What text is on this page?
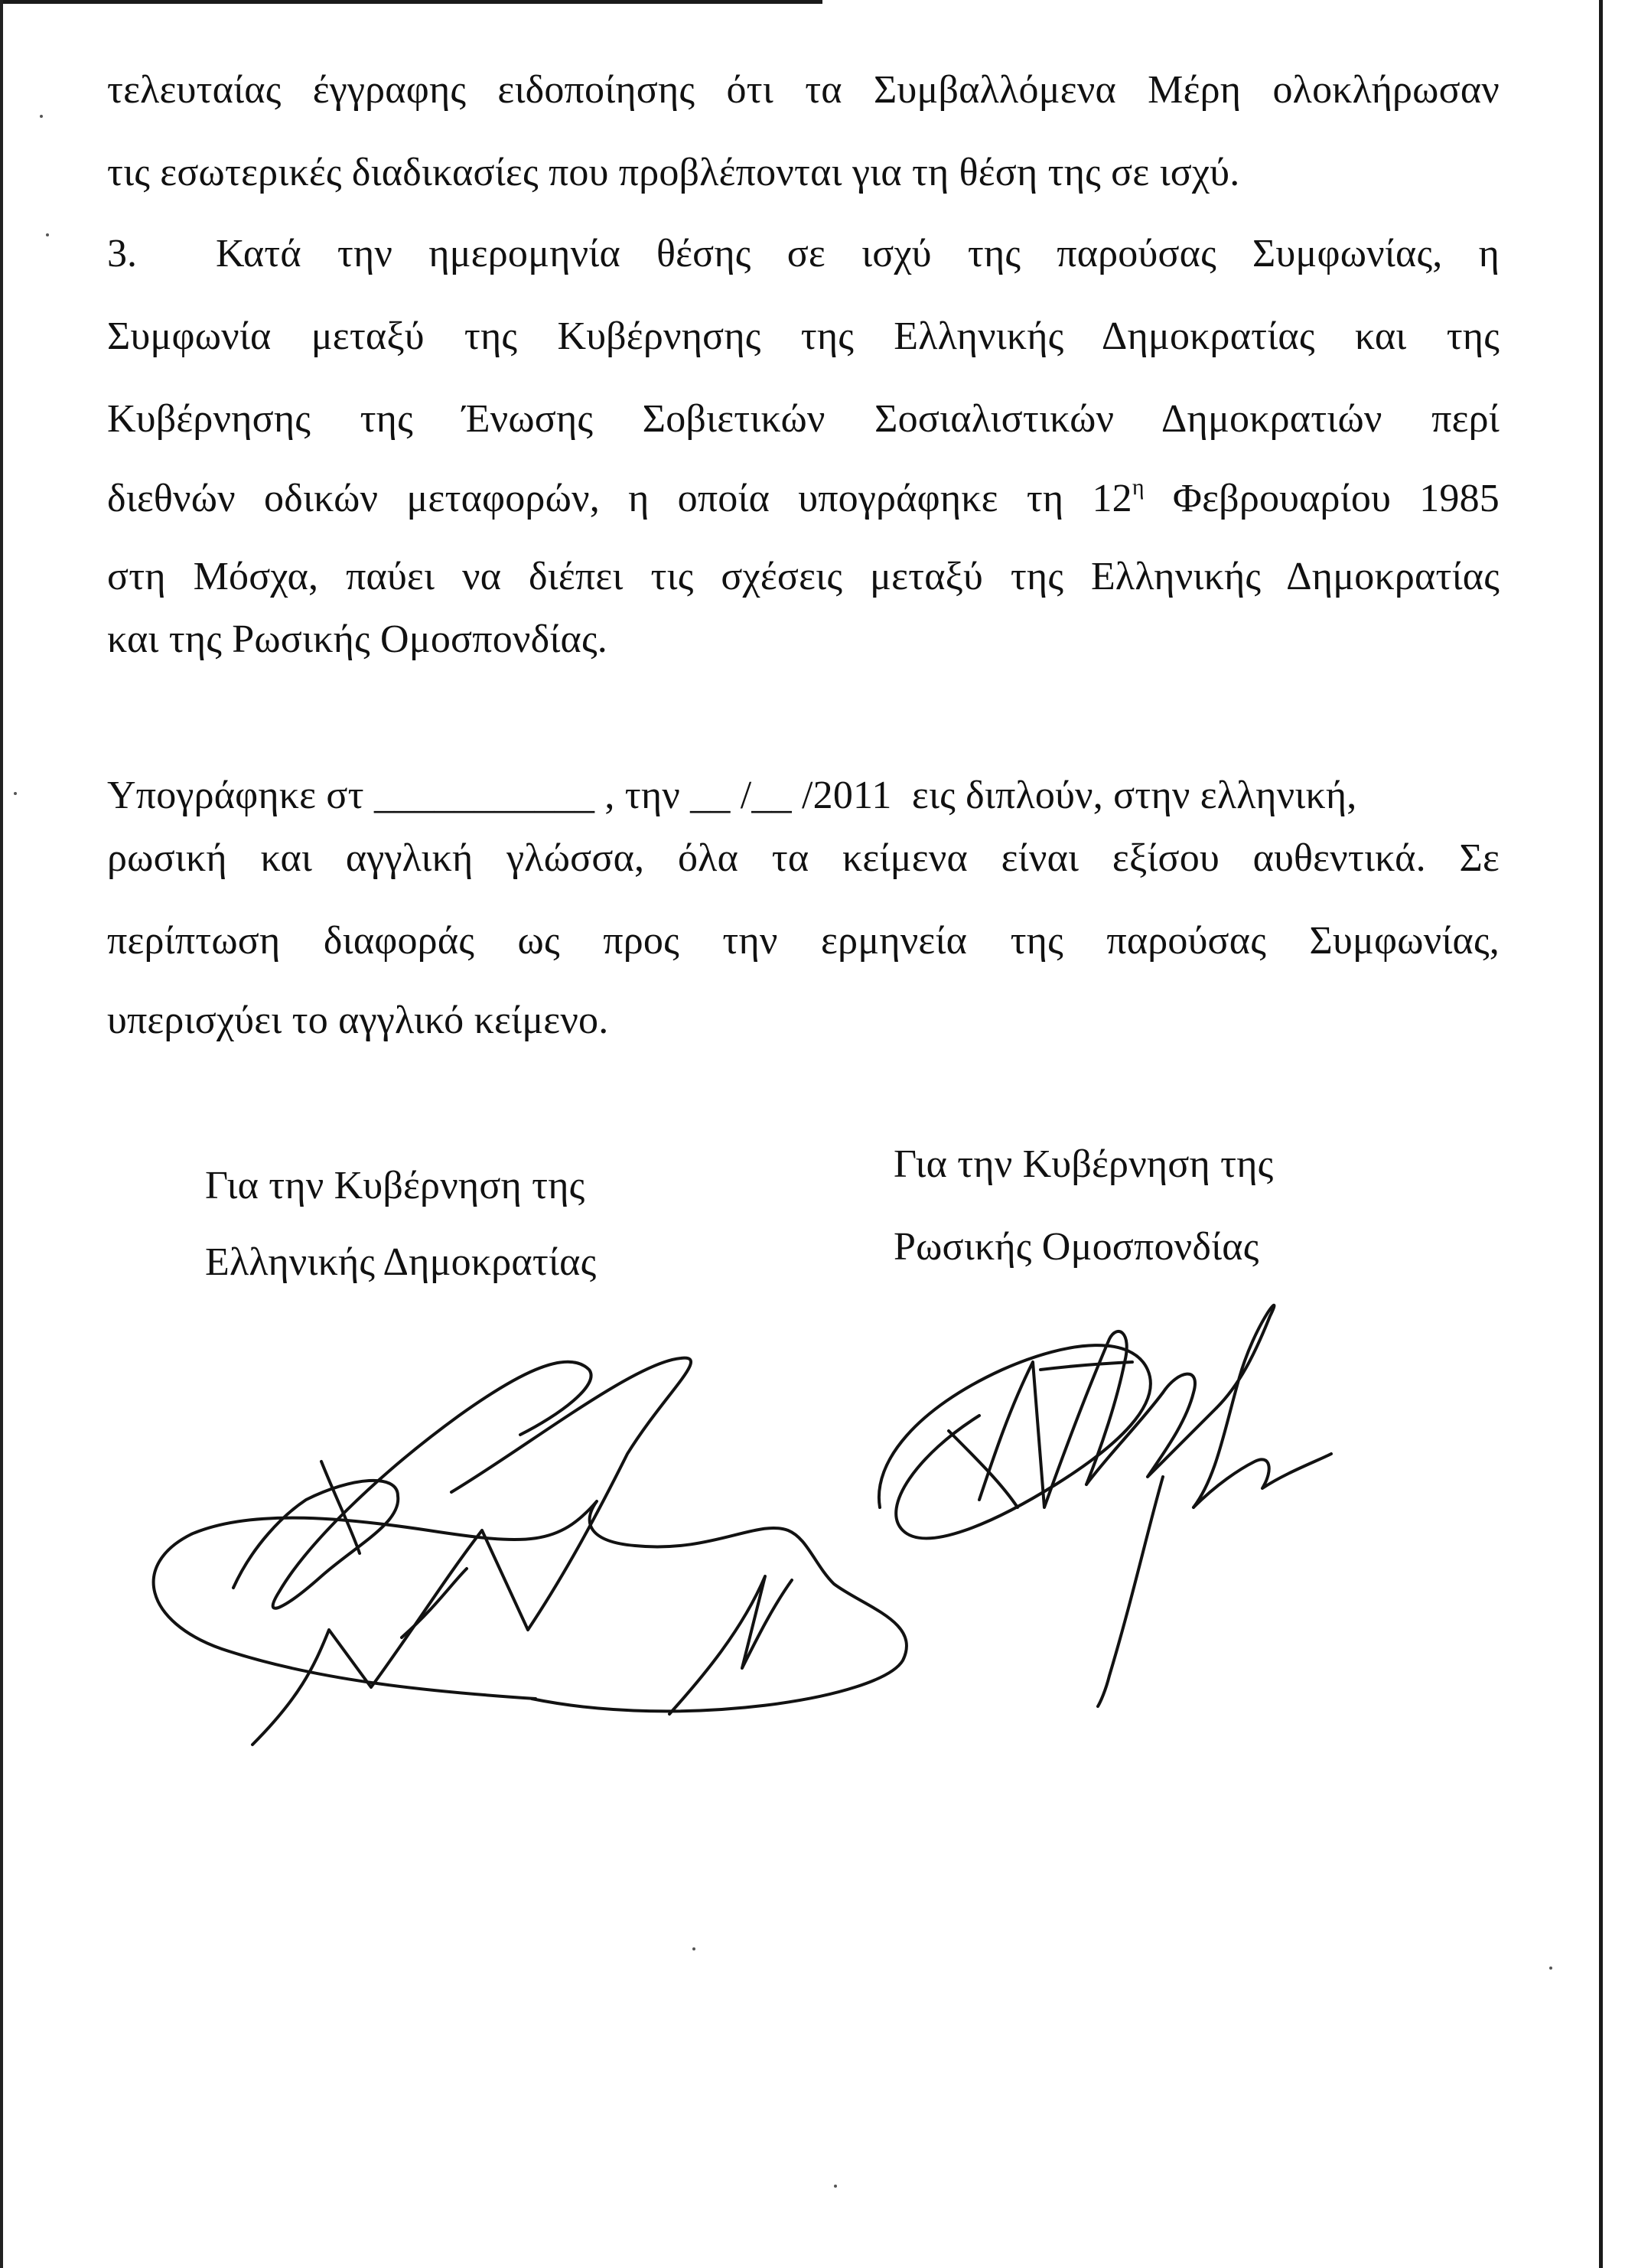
τελευταίας έγγραφης ειδοποίησης ότι τα Συμβαλλόμενα Μέρη ολοκλήρωσαν

τις εσωτερικές διαδικασίες που προβλέπονται για τη θέση της σε ισχύ.

3. Κατά την ημερομηνία θέσης σε ισχύ της παρούσας Συμφωνίας, η

Συμφωνία μεταξύ της Κυβέρνησης της Ελληνικής Δημοκρατίας και της

Κυβέρνησης της Ένωσης Σοβιετικών Σοσιαλιστικών Δημοκρατιών περί

διεθνών οδικών μεταφορών, η οποία υπογράφηκε τη $12^\eta$ Φεβρουαρίου 1985

στη Μόσχα, παύει να διέπει τις σχέσεις μεταξύ της Ελληνικής Δημοκρατίας

και της Ρωσικής Ομοσπονδίας.

Υπογράφηκε στ ___________ , την __ /__ /2011  εις διπλούν, στην ελληνική,

ρωσική και αγγλική γλώσσα, όλα τα κείμενα είναι εξίσου αυθεντικά. Σε

περίπτωση διαφοράς ως προς την ερμηνεία της παρούσας Συμφωνίας,

υπερισχύει το αγγλικό κείμενο.

Για την Κυβέρνηση της

Ελληνικής Δημοκρατίας

Για την Κυβέρνηση της

Ρωσικής Ομοσπονδίας
